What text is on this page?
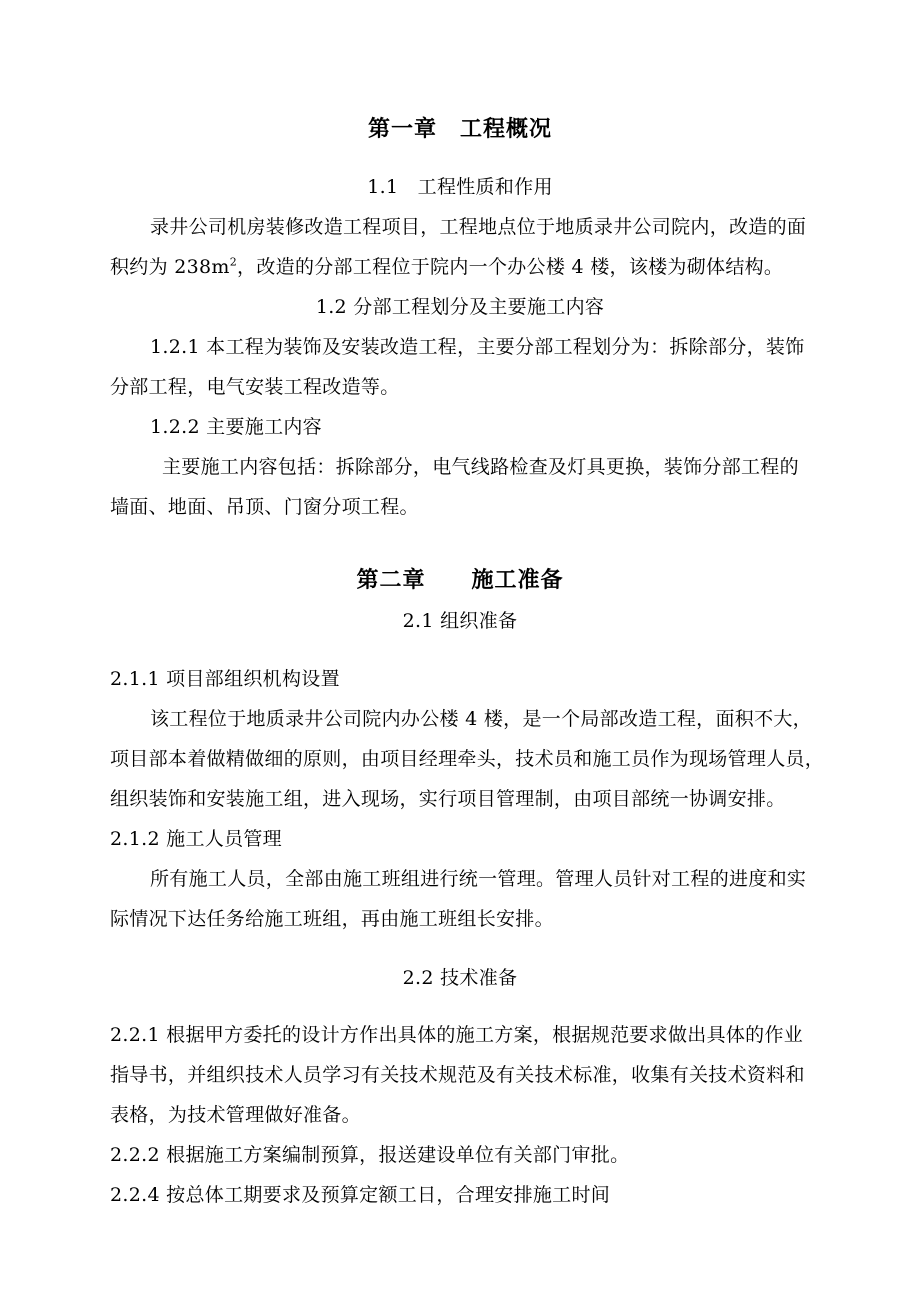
第一章　工程概况
1.1　工程性质和作用
录井公司机房装修改造工程项目，工程地点位于地质录井公司院内，改造的面
积约为 $238m^2$，改造的分部工程位于院内一个办公楼 4 楼，该楼为砌体结构。
1.2 分部工程划分及主要施工内容
1.2.1 本工程为装饰及安装改造工程，主要分部工程划分为：拆除部分，装饰
分部工程，电气安装工程改造等。
1.2.2 主要施工内容
主要施工内容包括：拆除部分，电气线路检查及灯具更换，装饰分部工程的
墙面、地面、吊顶、门窗分项工程。
第二章　　施工准备
2.1 组织准备
2.1.1 项目部组织机构设置
该工程位于地质录井公司院内办公楼 4 楼，是一个局部改造工程，面积不大，
项目部本着做精做细的原则，由项目经理牵头，技术员和施工员作为现场管理人员，
组织装饰和安装施工组，进入现场，实行项目管理制，由项目部统一协调安排。
2.1.2 施工人员管理
所有施工人员，全部由施工班组进行统一管理。管理人员针对工程的进度和实
际情况下达任务给施工班组，再由施工班组长安排。
2.2 技术准备
2.2.1 根据甲方委托的设计方作出具体的施工方案，根据规范要求做出具体的作业
指导书，并组织技术人员学习有关技术规范及有关技术标准，收集有关技术资料和
表格，为技术管理做好准备。
2.2.2 根据施工方案编制预算，报送建设单位有关部门审批。
2.2.4 按总体工期要求及预算定额工日，合理安排施工时间
